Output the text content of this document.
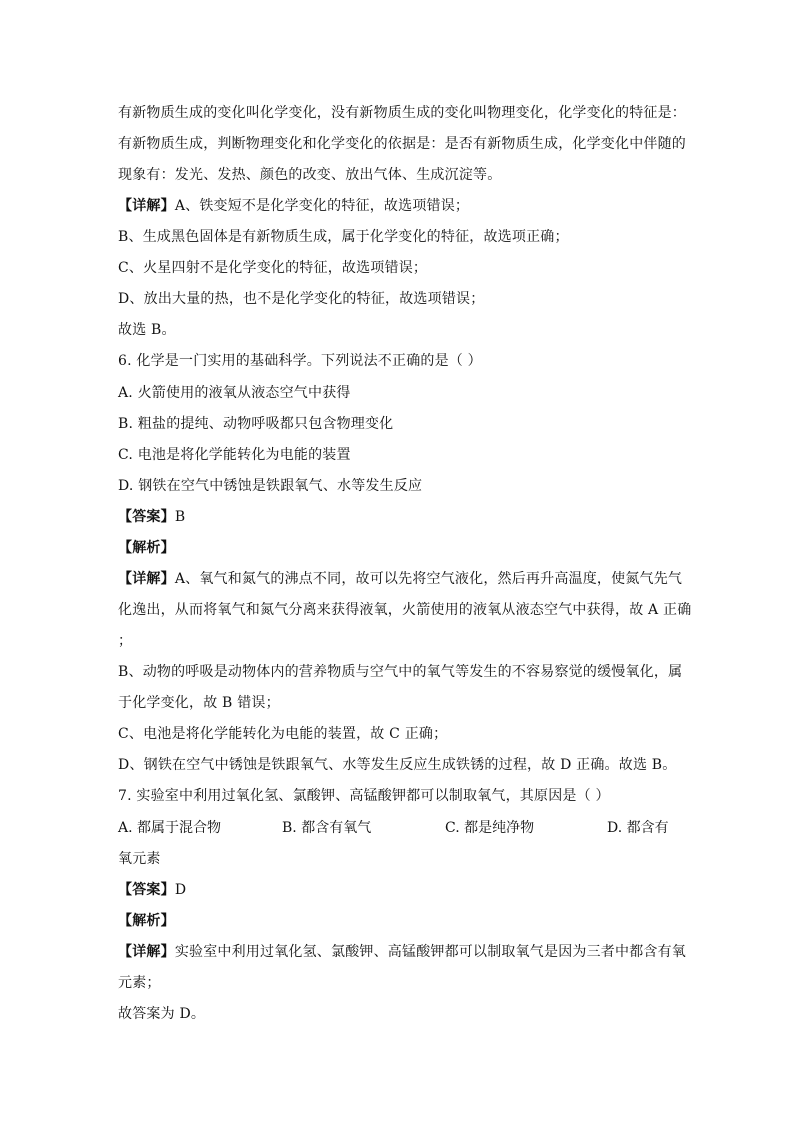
有新物质生成的变化叫化学变化，没有新物质生成的变化叫物理变化，化学变化的特征是：
有新物质生成，判断物理变化和化学变化的依据是：是否有新物质生成，化学变化中伴随的
现象有：发光、发热、颜色的改变、放出气体、生成沉淀等。
【详解】A、铁变短不是化学变化的特征，故选项错误；
B、生成黑色固体是有新物质生成，属于化学变化的特征，故选项正确；
C、火星四射不是化学变化的特征，故选项错误；
D、放出大量的热，也不是化学变化的特征，故选项错误；
故选 B。
6. 化学是一门实用的基础科学。下列说法不正确的是（ ）
A. 火箭使用的液氧从液态空气中获得
B. 粗盐的提纯、动物呼吸都只包含物理变化
C. 电池是将化学能转化为电能的装置
D. 钢铁在空气中锈蚀是铁跟氧气、水等发生反应
【答案】B
【解析】
【详解】A、氧气和氮气的沸点不同，故可以先将空气液化，然后再升高温度，使氮气先气
化逸出，从而将氧气和氮气分离来获得液氧，火箭使用的液氧从液态空气中获得，故 A 正确
；
B、动物的呼吸是动物体内的营养物质与空气中的氧气等发生的不容易察觉的缓慢氧化，属
于化学变化，故 B 错误；
C、电池是将化学能转化为电能的装置，故 C 正确；
D、钢铁在空气中锈蚀是铁跟氧气、水等发生反应生成铁锈的过程，故 D 正确。故选 B。
7. 实验室中利用过氧化氢、氯酸钾、高锰酸钾都可以制取氧气，其原因是（ ）
A. 都属于混合物	B. 都含有氧气	C. 都是纯净物	D. 都含有
氧元素
【答案】D
【解析】
【详解】实验室中利用过氧化氢、氯酸钾、高锰酸钾都可以制取氧气是因为三者中都含有氧
元素；
故答案为 D。
